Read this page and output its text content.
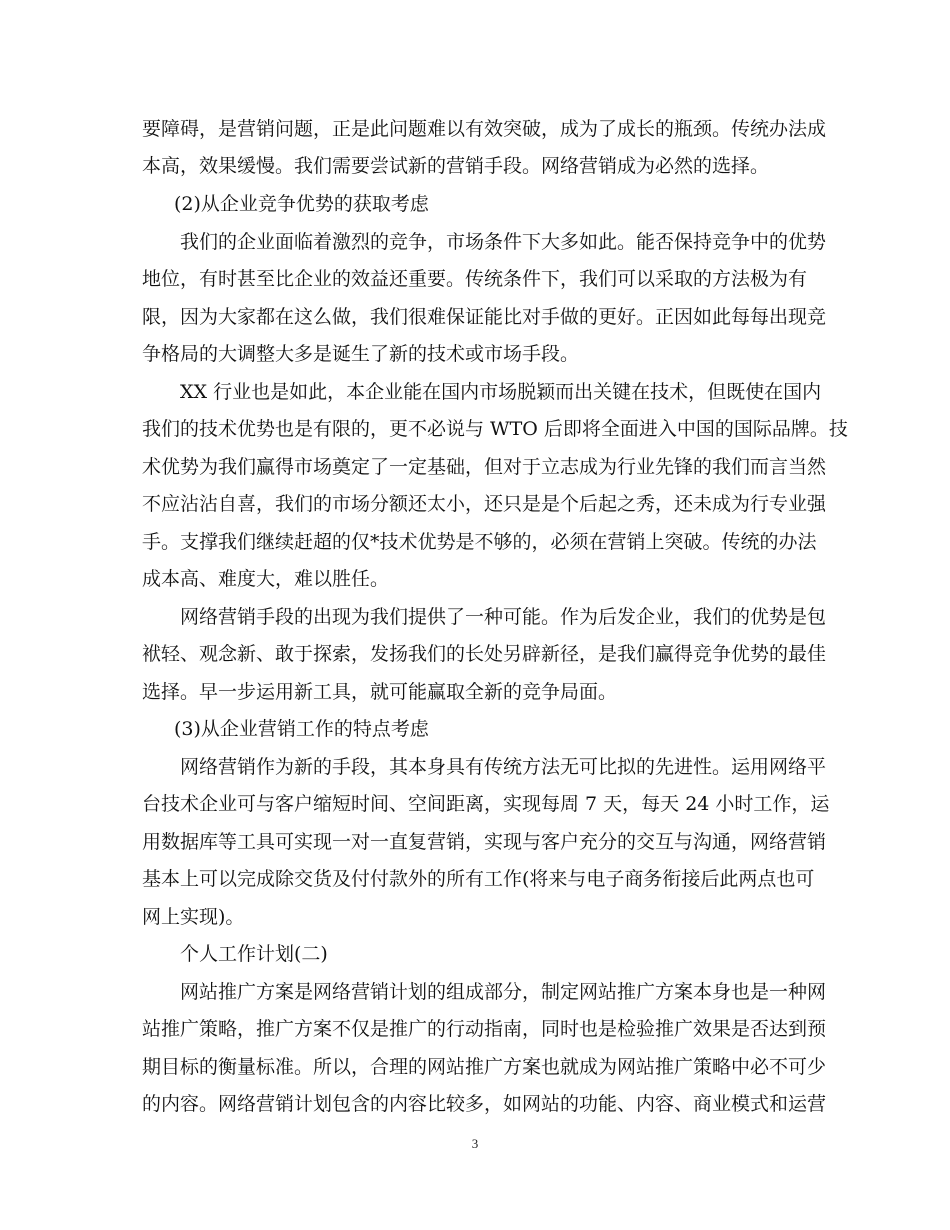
要障碍，是营销问题，正是此问题难以有效突破，成为了成长的瓶颈。传统办法成
本高，效果缓慢。我们需要尝试新的营销手段。网络营销成为必然的选择。
(2)从企业竞争优势的获取考虑
我们的企业面临着激烈的竞争，市场条件下大多如此。能否保持竞争中的优势
地位，有时甚至比企业的效益还重要。传统条件下，我们可以采取的方法极为有
限，因为大家都在这么做，我们很难保证能比对手做的更好。正因如此每每出现竞
争格局的大调整大多是诞生了新的技术或市场手段。
XX 行业也是如此，本企业能在国内市场脱颖而出关键在技术，但既使在国内
我们的技术优势也是有限的，更不必说与 WTO 后即将全面进入中国的国际品牌。技
术优势为我们赢得市场奠定了一定基础，但对于立志成为行业先锋的我们而言当然
不应沾沾自喜，我们的市场分额还太小，还只是是个后起之秀，还未成为行专业强
手。支撑我们继续赶超的仅*技术优势是不够的，必须在营销上突破。传统的办法
成本高、难度大，难以胜任。
网络营销手段的出现为我们提供了一种可能。作为后发企业，我们的优势是包
袱轻、观念新、敢于探索，发扬我们的长处另辟新径，是我们赢得竞争优势的最佳
选择。早一步运用新工具，就可能赢取全新的竞争局面。
(3)从企业营销工作的特点考虑
网络营销作为新的手段，其本身具有传统方法无可比拟的先进性。运用网络平
台技术企业可与客户缩短时间、空间距离，实现每周 7 天，每天 24 小时工作，运
用数据库等工具可实现一对一直复营销，实现与客户充分的交互与沟通，网络营销
基本上可以完成除交货及付付款外的所有工作(将来与电子商务衔接后此两点也可
网上实现)。
个人工作计划(二)
网站推广方案是网络营销计划的组成部分，制定网站推广方案本身也是一种网
站推广策略，推广方案不仅是推广的行动指南，同时也是检验推广效果是否达到预
期目标的衡量标准。所以，合理的网站推广方案也就成为网站推广策略中必不可少
的内容。网络营销计划包含的内容比较多，如网站的功能、内容、商业模式和运营
3
